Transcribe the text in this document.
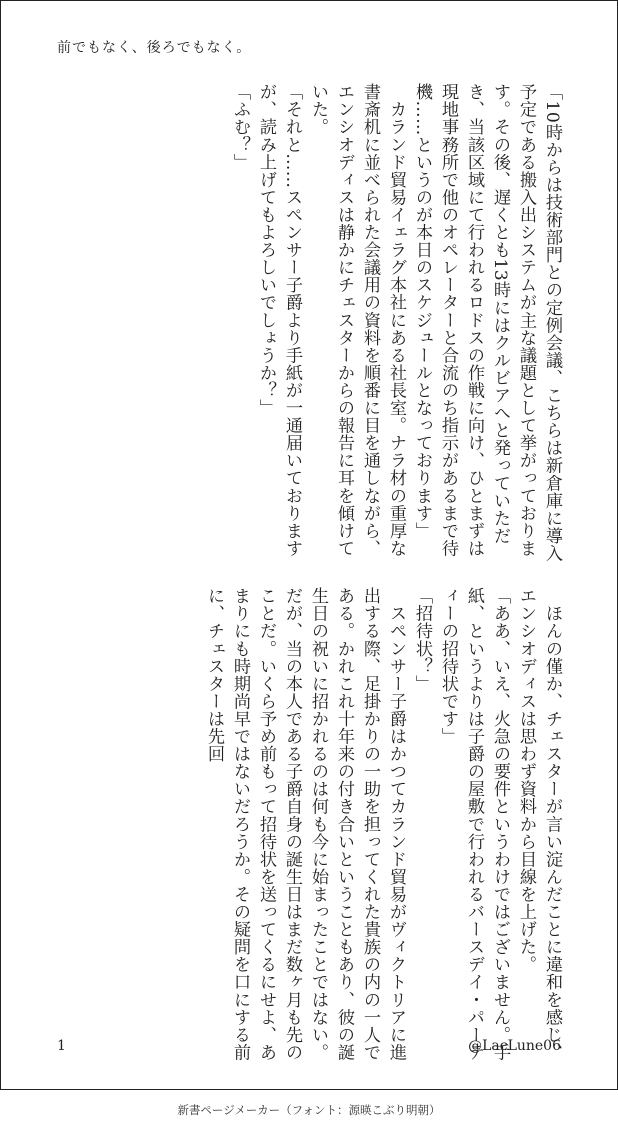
前でもなく、後ろでもなく。

「10時からは技術部門との定例会議、こちらは新倉庫に導入予定である搬入出システムが主な議題として挙がっております。その後、遅くとも13時にはクルビアへと発っていただき、当該区域にて行われるロドスの作戦に向け、ひとまずは現地事務所で他のオペレーターと合流のち指示があるまで待機……というのが本日のスケジュールとなっております」

　カランド貿易イェラグ本社にある社長室。ナラ材の重厚な書斎机に並べられた会議用の資料を順番に目を通しながら、エンシオディスは静かにチェスターからの報告に耳を傾けていた。

「それと……スペンサー子爵より手紙が一通届いておりますが、読み上げてもよろしいでしょうか？」

「ふむ？」

　ほんの僅か、チェスターが言い淀んだことに違和を感じ、エンシオディスは思わず資料から目線を上げた。

「ああ、いえ、火急の要件というわけではございません。手紙、というよりは子爵の屋敷で行われるバースデイ・パーティーの招待状です」

「招待状？」

　スペンサー子爵はかつてカランド貿易がヴィクトリアに進出する際、足掛かりの一助を担ってくれた貴族の内の一人である。かれこれ十年来の付き合いということもあり、彼の誕生日の祝いに招かれるのは何も今に始まったことではない。だが、当の本人である子爵自身の誕生日はまだ数ヶ月も先のことだ。いくら予め前もって招待状を送ってくるにせよ、あまりにも時期尚早ではないだろうか。その疑問を口にする前に、チェスターは先回

1	@LacLune06
新書ページメーカー（フォント：源暎こぶり明朝）
